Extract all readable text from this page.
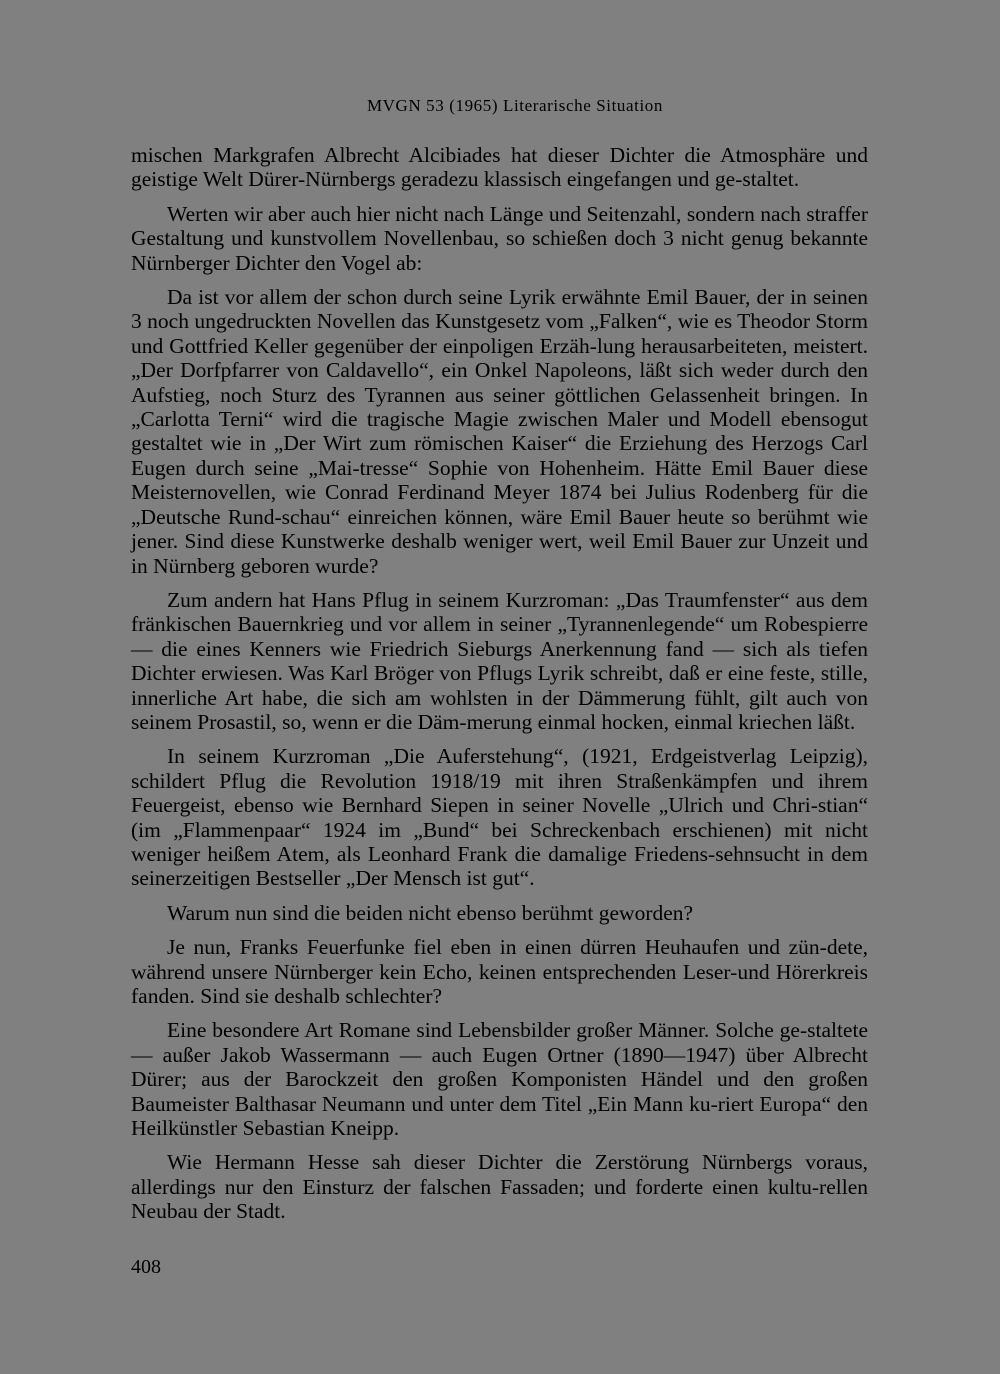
MVGN 53 (1965) Literarische Situation

mischen Markgrafen Albrecht Alcibiades hat dieser Dichter die Atmosphäre und geistige Welt Dürer-Nürnbergs geradezu klassisch eingefangen und ge-staltet.

Werten wir aber auch hier nicht nach Länge und Seitenzahl, sondern nach straffer Gestaltung und kunstvollem Novellenbau, so schießen doch 3 nicht genug bekannte Nürnberger Dichter den Vogel ab:

Da ist vor allem der schon durch seine Lyrik erwähnte Emil Bauer, der in seinen 3 noch ungedruckten Novellen das Kunstgesetz vom „Falken“, wie es Theodor Storm und Gottfried Keller gegenüber der einpoligen Erzäh-lung herausarbeiteten, meistert. „Der Dorfpfarrer von Caldavello“, ein Onkel Napoleons, läßt sich weder durch den Aufstieg, noch Sturz des Tyrannen aus seiner göttlichen Gelassenheit bringen. In „Carlotta Terni“ wird die tragische Magie zwischen Maler und Modell ebensogut gestaltet wie in „Der Wirt zum römischen Kaiser“ die Erziehung des Herzogs Carl Eugen durch seine „Mai-tresse“ Sophie von Hohenheim. Hätte Emil Bauer diese Meisternovellen, wie Conrad Ferdinand Meyer 1874 bei Julius Rodenberg für die „Deutsche Rund-schau“ einreichen können, wäre Emil Bauer heute so berühmt wie jener. Sind diese Kunstwerke deshalb weniger wert, weil Emil Bauer zur Unzeit und in Nürnberg geboren wurde?

Zum andern hat Hans Pflug in seinem Kurzroman: „Das Traumfenster“ aus dem fränkischen Bauernkrieg und vor allem in seiner „Tyrannenlegende“ um Robespierre — die eines Kenners wie Friedrich Sieburgs Anerkennung fand — sich als tiefen Dichter erwiesen. Was Karl Bröger von Pflugs Lyrik schreibt, daß er eine feste, stille, innerliche Art habe, die sich am wohlsten in der Dämmerung fühlt, gilt auch von seinem Prosastil, so, wenn er die Däm-merung einmal hocken, einmal kriechen läßt.

In seinem Kurzroman „Die Auferstehung“, (1921, Erdgeistverlag Leipzig), schildert Pflug die Revolution 1918/19 mit ihren Straßenkämpfen und ihrem Feuergeist, ebenso wie Bernhard Siepen in seiner Novelle „Ulrich und Chri-stian“ (im „Flammenpaar“ 1924 im „Bund“ bei Schreckenbach erschienen) mit nicht weniger heißem Atem, als Leonhard Frank die damalige Friedens-sehnsucht in dem seinerzeitigen Bestseller „Der Mensch ist gut“.

Warum nun sind die beiden nicht ebenso berühmt geworden?

Je nun, Franks Feuerfunke fiel eben in einen dürren Heuhaufen und zün-dete, während unsere Nürnberger kein Echo, keinen entsprechenden Leser-und Hörerkreis fanden. Sind sie deshalb schlechter?

Eine besondere Art Romane sind Lebensbilder großer Männer. Solche ge-staltete — außer Jakob Wassermann — auch Eugen Ortner (1890—1947) über Albrecht Dürer; aus der Barockzeit den großen Komponisten Händel und den großen Baumeister Balthasar Neumann und unter dem Titel „Ein Mann ku-riert Europa“ den Heilkünstler Sebastian Kneipp.

Wie Hermann Hesse sah dieser Dichter die Zerstörung Nürnbergs voraus, allerdings nur den Einsturz der falschen Fassaden; und forderte einen kultu-rellen Neubau der Stadt.

408
